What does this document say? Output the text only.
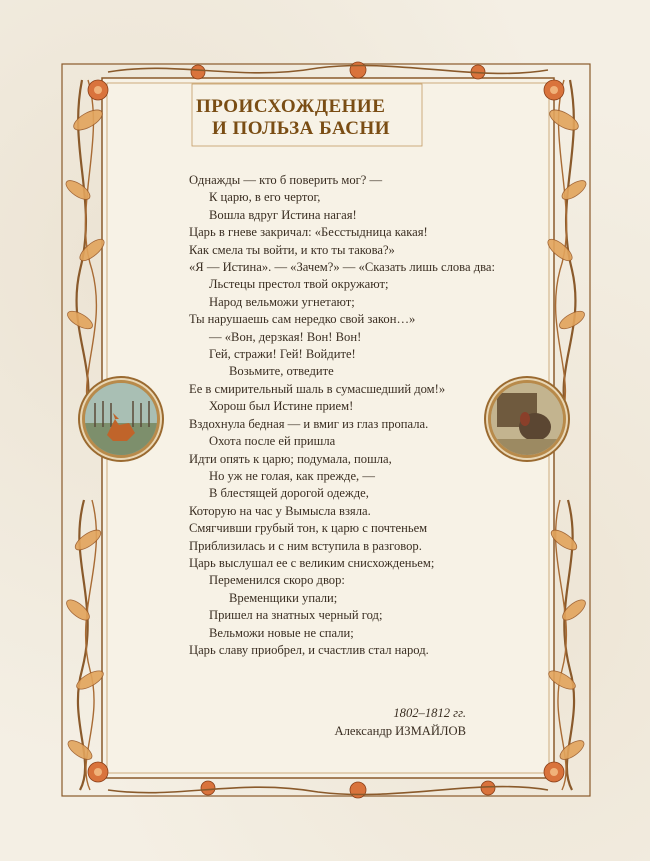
ПРОИСХОЖДЕНИЕ
И ПОЛЬЗА БАСНИ
Однажды — кто б поверить мог? —
К царю, в его чертог,
Вошла вдруг Истина нагая!
Царь в гневе закричал: «Бесстыдница какая!
Как смела ты войти, и кто ты такова?»
«Я — Истина». — «Зачем?» — «Сказать лишь слова два:
Льстецы престол твой окружают;
Народ вельможи угнетают;
Ты нарушаешь сам нередко свой закон…»
— «Вон, дерзкая! Вон! Вон!
Гей, стражи! Гей! Войдите!
Возьмите, отведите
Ее в смирительный шаль в сумасшедший дом!»
Хорош был Истине прием!
Вздохнула бедная — и вмиг из глаз пропала.
Охота после ей пришла
Идти опять к царю; подумала, пошла,
Но уж не голая, как прежде, —
В блестящей дорогой одежде,
Которую на час у Вымысла взяла.
Смягчивши грубый тон, к царю с почтеньем
Приблизилась и с ним вступила в разговор.
Царь выслушал ее с великим снисхожденьем;
Переменился скоро двор:
Временщики упали;
Пришел на знатных черный год;
Вельможи новые не спали;
Царь славу приобрел, и счастлив стал народ.
1802–1812 гг.
Александр ИЗМАЙЛОВ
